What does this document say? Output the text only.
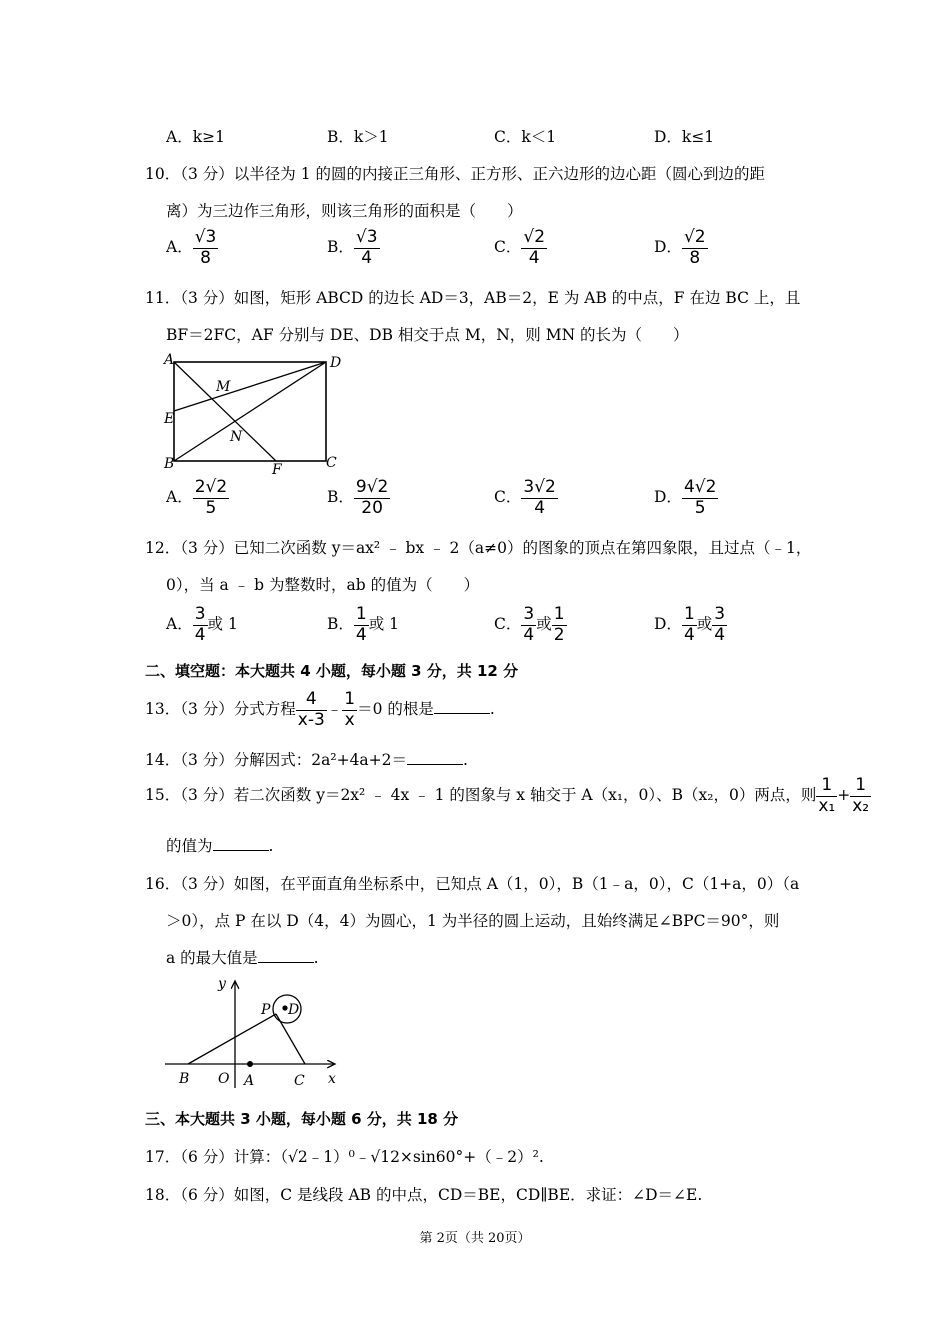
A．k≥1	B．k＞1	C．k＜1	D．k≤1
10．（3 分）以半径为 1 的圆的内接正三角形、正方形、正六边形的边心距（圆心到边的距
离）为三边作三角形，则该三角形的面积是（　　）
A． $\frac{√3}{8}$	B． $\frac{√3}{4}$	C． $\frac{√2}{4}$	D． $\frac{√2}{8}$
11．（3 分）如图，矩形 ABCD 的边长 AD＝3，AB＝2，E 为 AB 的中点，F 在边 BC 上，且
BF＝2FC，AF 分别与 DE、DB 相交于点 M，N，则 MN 的长为（　　）
A	D
E
B	C
F
M
N
A． $\frac{2√2}{5}$	B． $\frac{9√2}{20}$	C． $\frac{3√2}{4}$	D． $\frac{4√2}{5}$
12．（3 分）已知二次函数 y＝ax² ﹣ bx ﹣ 2（a≠0）的图象的顶点在第四象限，且过点（﹣1，
0），当 a ﹣ b 为整数时，ab 的值为（　　）
A． $\frac{3}{4}$ 或 1	B． $\frac{1}{4}$ 或 1	C． $\frac{3}{4}$ 或 $\frac{1}{2}$	D． $\frac{1}{4}$ 或 $\frac{3}{4}$
二、填空题：本大题共 4 小题，每小题 3 分，共 12 分
13．（3 分）分式方程 $\frac{4}{x-3}$ ﹣ $\frac{1}{x} =0$ 的根是	.
14．（3 分）分解因式：2a²+4a+2＝	.
15．（3 分）若二次函数 y＝2x² ﹣ 4x ﹣ 1 的图象与 x 轴交于 A（x₁，0）、B（x₂，0）两点，则 $\frac{1}{\text{x₁}} + \frac{1}{\text{x₂}}$
的值为	.
16．（3 分）如图，在平面直角坐标系中，已知点 A（1，0），B（1﹣a，0），C（1+a，0）（a
＞0），点 P 在以 D（4，4）为圆心，1 为半径的圆上运动，且始终满足∠BPC＝90°，则
a 的最大值是	.
y
x
O A
B	C
P D
三、本大题共 3 小题，每小题 6 分，共 18 分
17．（6 分）计算：（√2﹣1）⁰﹣√12×sin60°+（﹣2）².
18．（6 分）如图，C 是线段 AB 的中点，CD＝BE，CD∥BE．求证：∠D＝∠E.
第 2页（共 20页）
